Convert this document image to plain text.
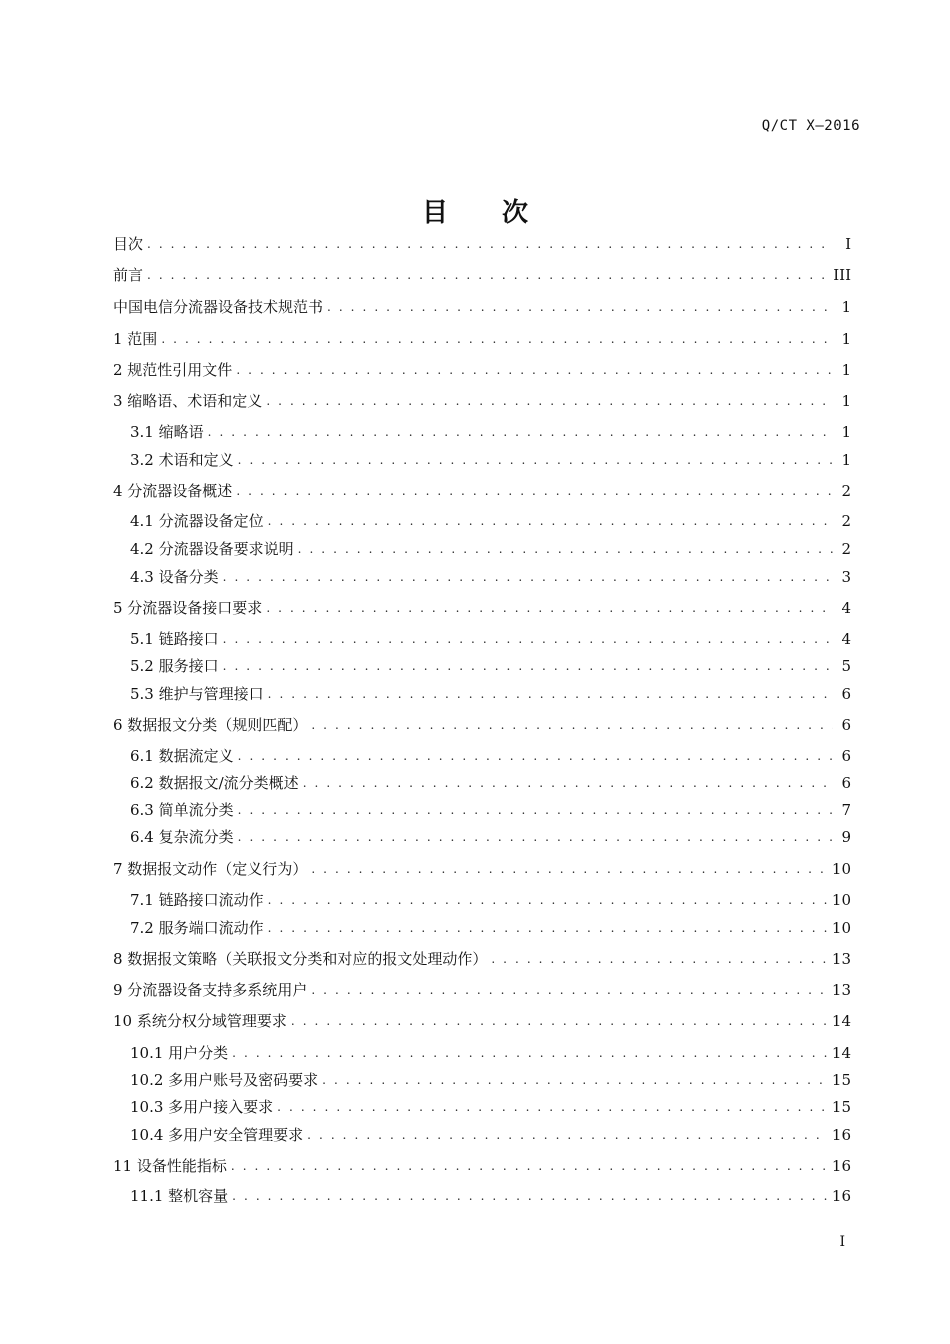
Q/CT X—2016
目 次
目次 . . .	I
前言 . . .	III
中国电信分流器设备技术规范书 . . .	1
1 范围 . . .	1
2 规范性引用文件 . . .	1
3 缩略语、术语和定义 . . .	1
3.1 缩略语 . . .	1
3.2 术语和定义 . . .	1
4 分流器设备概述 . . .	2
4.1 分流器设备定位 . . .	2
4.2 分流器设备要求说明 . . .	2
4.3 设备分类 . . .	3
5 分流器设备接口要求 . . .	4
5.1 链路接口 . . .	4
5.2 服务接口 . . .	5
5.3 维护与管理接口 . . .	6
6 数据报文分类（规则匹配） . . .	6
6.1 数据流定义 . . .	6
6.2 数据报文/流分类概述 . . .	6
6.3 简单流分类 . . .	7
6.4 复杂流分类 . . .	9
7 数据报文动作（定义行为） . . .	10
7.1 链路接口流动作 . . .	10
7.2 服务端口流动作 . . .	10
8 数据报文策略（关联报文分类和对应的报文处理动作） . . .	13
9 分流器设备支持多系统用户 . . .	13
10 系统分权分域管理要求 . . .	14
10.1 用户分类 . . .	14
10.2 多用户账号及密码要求 . . .	15
10.3 多用户接入要求 . . .	15
10.4 多用户安全管理要求 . . .	16
11 设备性能指标 . . .	16
11.1 整机容量 . . .	16
I
